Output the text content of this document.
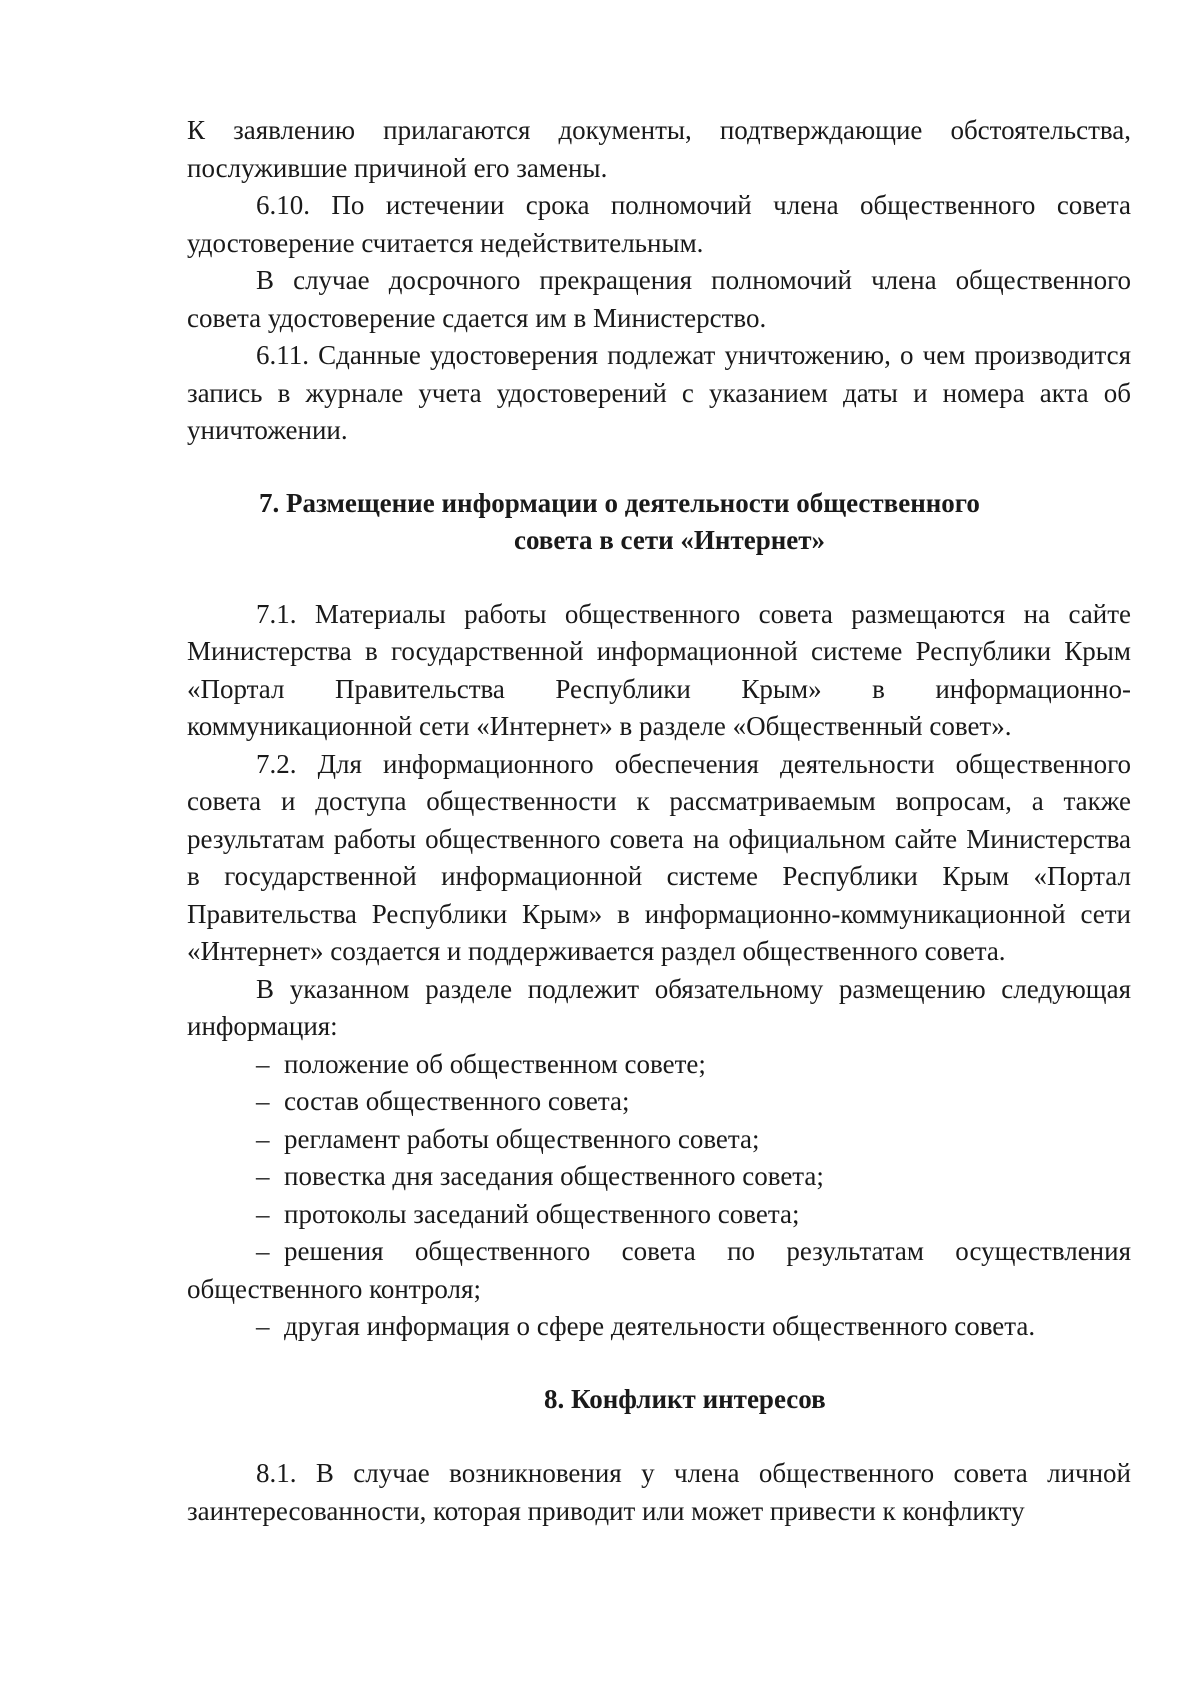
К заявлению прилагаются документы, подтверждающие обстоятельства, послужившие причиной его замены.

6.10. По истечении срока полномочий члена общественного совета удостоверение считается недействительным.

В случае досрочного прекращения полномочий члена общественного совета удостоверение сдается им в Министерство.

6.11. Сданные удостоверения подлежат уничтожению, о чем производится запись в журнале учета удостоверений с указанием даты и номера акта об уничтожении.

7. Размещение информации о деятельности общественного
совета в сети «Интернет»

7.1. Материалы работы общественного совета размещаются на сайте Министерства в государственной информационной системе Республики Крым «Портал Правительства Республики Крым» в информационно-коммуникационной сети «Интернет» в разделе «Общественный совет».

7.2. Для информационного обеспечения деятельности общественного совета и доступа общественности к рассматриваемым вопросам, а также результатам работы общественного совета на официальном сайте Министерства в государственной информационной системе Республики Крым «Портал Правительства Республики Крым» в информационно-коммуникационной сети «Интернет» создается и поддерживается раздел общественного совета.

В указанном разделе подлежит обязательному размещению следующая информация:

– положение об общественном совете;
– состав общественного совета;
– регламент работы общественного совета;
– повестка дня заседания общественного совета;
– протоколы заседаний общественного совета;
– решения общественного совета по результатам осуществления общественного контроля;
– другая информация о сфере деятельности общественного совета.
8. Конфликт интересов

8.1. В случае возникновения у члена общественного совета личной заинтересованности, которая приводит или может привести к конфликту
